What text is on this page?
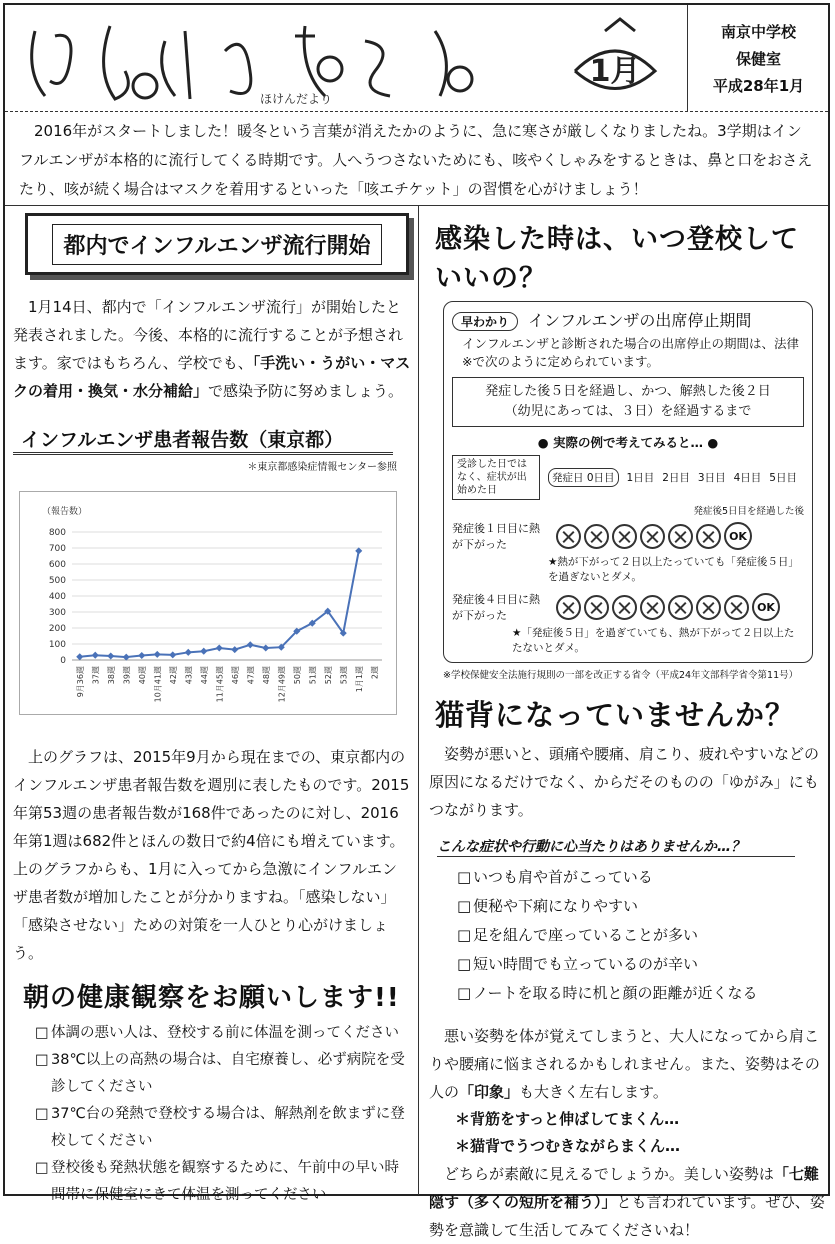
ほけんだより
1月
南京中学校
保健室
平成28年1月

2016年がスタートしました！暖冬という言葉が消えたかのように、急に寒さが厳しくなりましたね。3学期はインフルエンザが本格的に流行してくる時期です。人へうつさないためにも、咳やくしゃみをするときは、鼻と口をおさえたり、咳が続く場合はマスクを着用するといった「咳エチケット」の習慣を心がけましょう！

都内でインフルエンザ流行開始

1月14日、都内で「インフルエンザ流行」が開始したと発表されました。今後、本格的に流行することが予想されます。家ではもちろん、学校でも、「手洗い・うがい・マスクの着用・換気・水分補給」で感染予防に努めましょう。

インフルエンザ患者報告数（東京都）
＊東京都感染症情報センター参照
（報告数）
0
100
200
300
400
500
600
700
800
9月36週 37週 38週 39週 40週 10月41週 42週 43週 44週 11月45週 46週 47週 48週 12月49週 50週 51週 52週 53週 1月1週 2週

上のグラフは、2015年9月から現在までの、東京都内のインフルエンザ患者報告数を週別に表したものです。2015年第53週の患者報告数が168件であったのに対し、2016年第1週は682件とほんの数日で約4倍にも増えています。上のグラフからも、1月に入ってから急激にインフルエンザ患者数が増加したことが分かりますね。「感染しない」「感染させない」ための対策を一人ひとり心がけましょう。

朝の健康観察をお願いします!!
□ 体調の悪い人は、登校する前に体温を測ってください
□ 38℃以上の高熱の場合は、自宅療養し、必ず病院を受診してください
□ 37℃台の発熱で登校する場合は、解熱剤を飲まずに登校してください
□ 登校後も発熱状態を観察するために、午前中の早い時間帯に保健室にきて体温を測ってください
感染した時は、いつ登校していいの？
早わかり インフルエンザの出席停止期間
インフルエンザと診断された場合の出席停止の期間は、法律※で次のように定められています。
発症した後５日を経過し、かつ、解熱した後２日
（幼児にあっては、３日）を経過するまで
● 実際の例で考えてみると… ●
受診した日ではなく、症状が出始めた日
発症日 0日目	1日目 2日目 3日目 4日目 5日目
発症後5日目を経過した後
発症後１日目に熱が下がった
OK
★熱が下がって２日以上たっていても「発症後５日」を過ぎないとダメ。
発症後４日目に熱が下がった
OK
★「発症後５日」を過ぎていても、熱が下がって２日以上たたないとダメ。
※学校保健安全法施行規則の一部を改正する省令（平成24年文部科学省令第11号）
猫背になっていませんか？

姿勢が悪いと、頭痛や腰痛、肩こり、疲れやすいなどの原因になるだけでなく、からだそのものの「ゆがみ」にもつながります。

こんな症状や行動に心当たりはありませんか…？
□ いつも肩や首がこっている
□ 便秘や下痢になりやすい
□ 足を組んで座っていることが多い
□ 短い時間でも立っているのが辛い
□ ノートを取る時に机と顔の距離が近くなる

悪い姿勢を体が覚えてしまうと、大人になってから肩こりや腰痛に悩まされるかもしれません。また、姿勢はその人の「印象」も大きく左右します。

＊背筋をすっと伸ばしてまくん…
＊猫背でうつむきながらまくん…

どちらが素敵に見えるでしょうか。美しい姿勢は「七難隠す（多くの短所を補う）」とも言われています。ぜひ、姿勢を意識して生活してみてくださいね！
